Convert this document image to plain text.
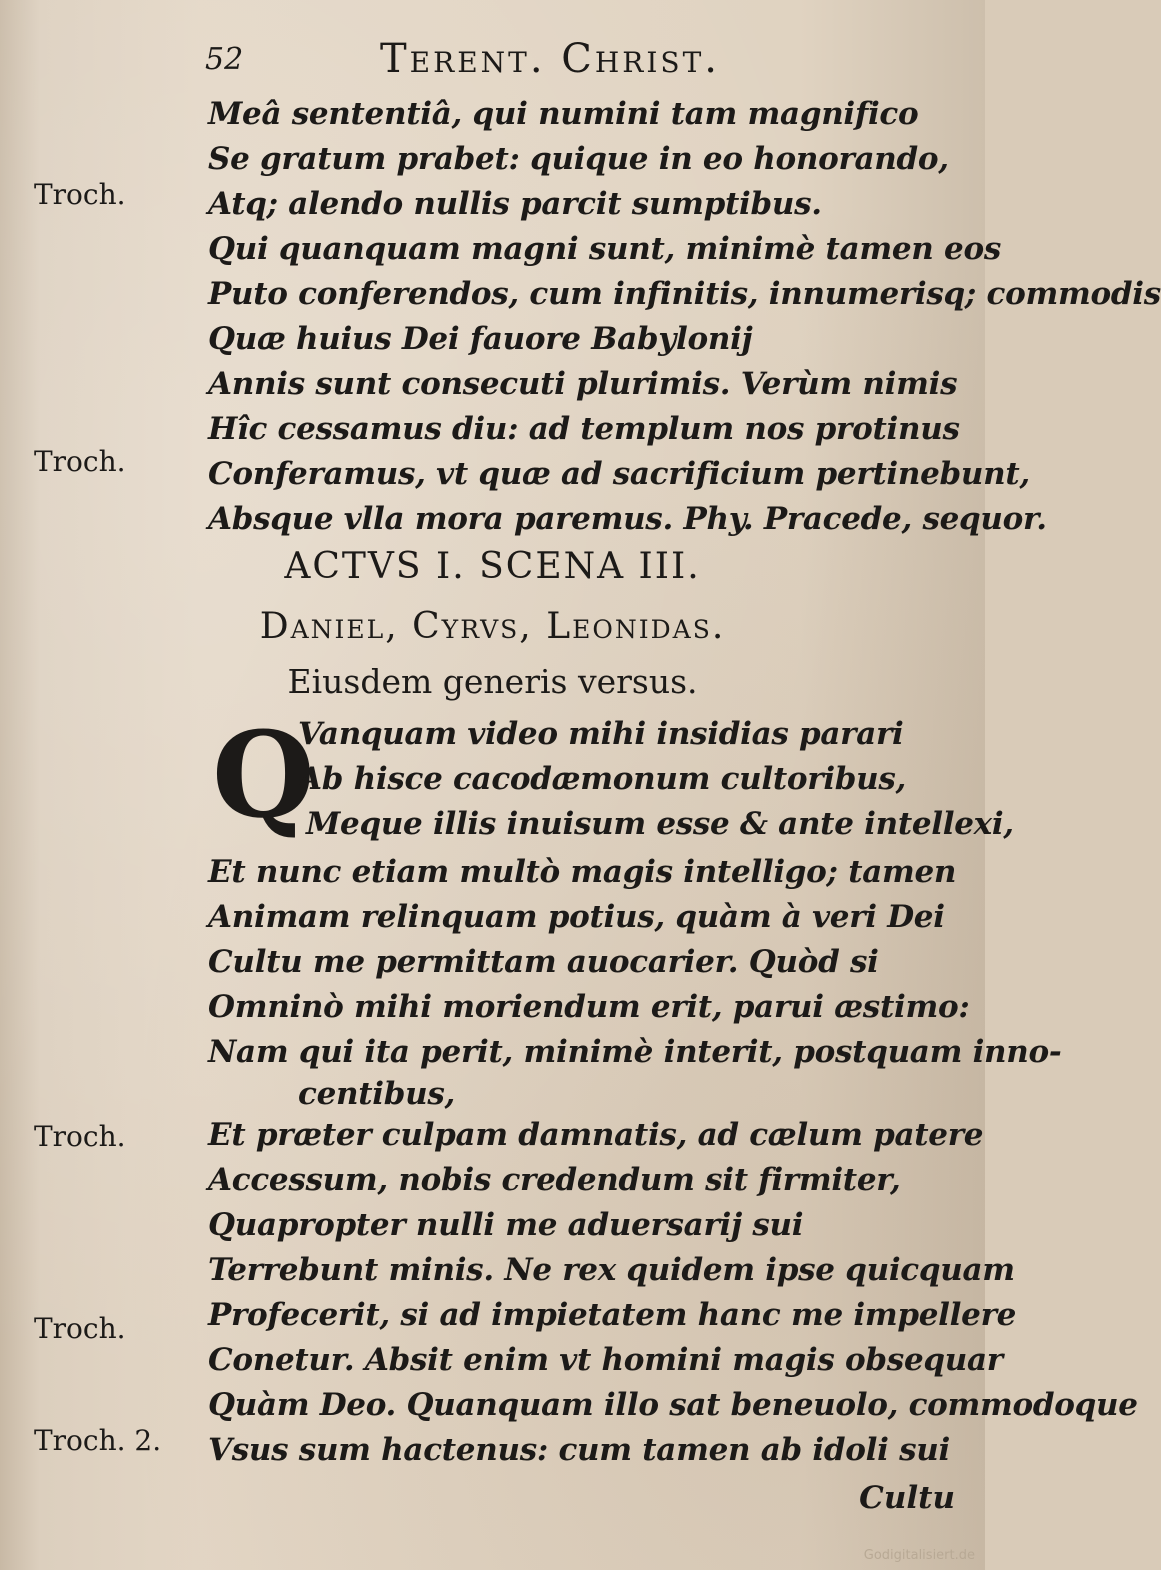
52	Terent. Christ.
Troch.
Troch.
Troch.
Troch.
Troch. 2.
Meâ sententiâ, qui numini tam magnifico
Se gratum prabet: quique in eo honorando,
Atq; alendo nullis parcit sumptibus.
Qui quanquam magni sunt, minimè tamen eos
Puto conferendos, cum infinitis, innumerisq; commodis
Quæ huius Dei fauore Babylonij
Annis sunt consecuti plurimis. Verùm nimis
Hîc cessamus diu: ad templum nos protinus
Conferamus, vt quæ ad sacrificium pertinebunt,
Absque vlla mora paremus. Phy. Pracede, sequor.
ACTVS I. SCENA III.
Daniel, Cyrvs, Leonidas.
Eiusdem generis versus.
Q
Vanquam video mihi insidias parari
Ab hisce cacodæmonum cultoribus,
Meque illis inuisum esse & ante intellexi,
Et nunc etiam multò magis intelligo; tamen
Animam relinquam potius, quàm à veri Dei
Cultu me permittam auocarier. Quòd si
Omninò mihi moriendum erit, parui æstimo:
Nam qui ita perit, minimè interit, postquam inno-
centibus,
Et præter culpam damnatis, ad cælum patere
Accessum, nobis credendum sit firmiter,
Quapropter nulli me aduersarij sui
Terrebunt minis. Ne rex quidem ipse quicquam
Profecerit, si ad impietatem hanc me impellere
Conetur. Absit enim vt homini magis obsequar
Quàm Deo. Quanquam illo sat beneuolo, commodoque
Vsus sum hactenus: cum tamen ab idoli sui
Cultu
Godigitalisiert.de
